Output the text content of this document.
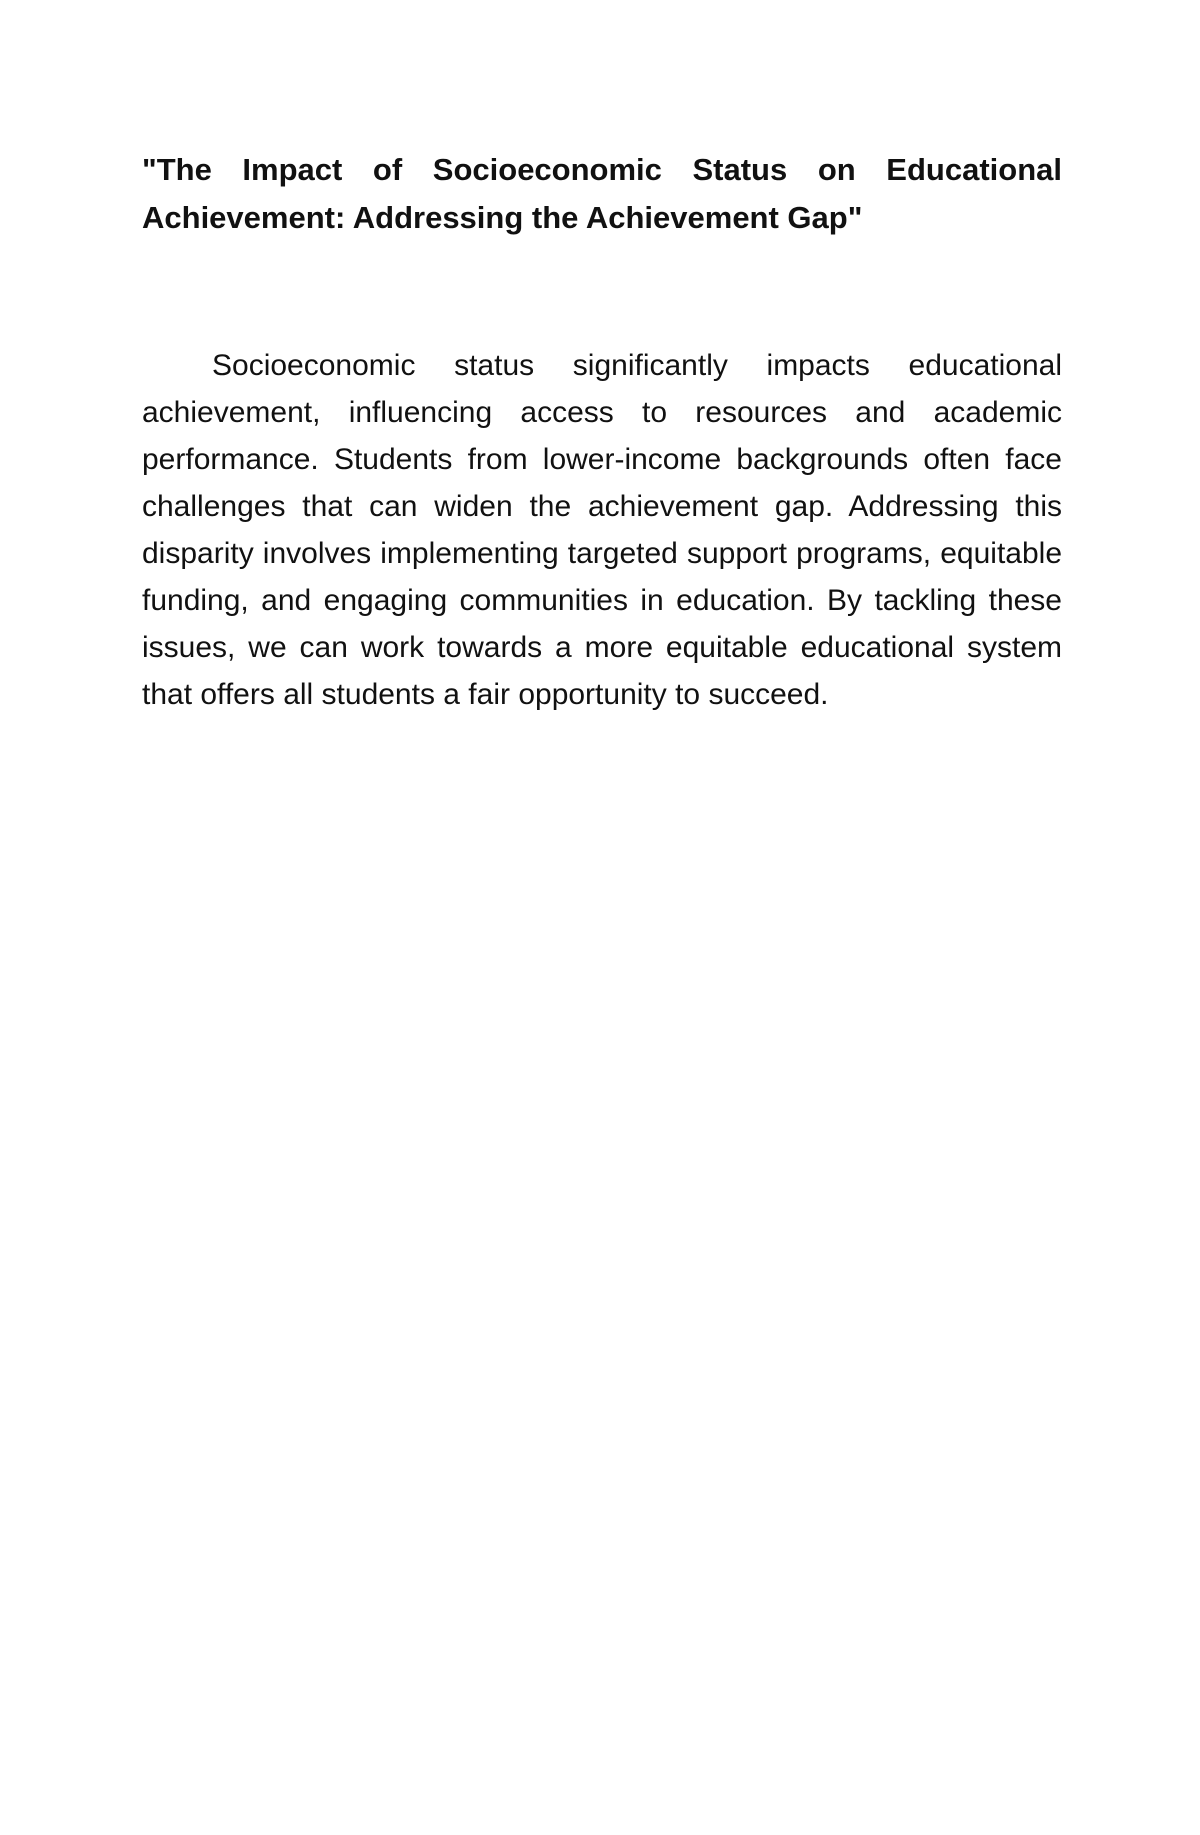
"The Impact of Socioeconomic Status on Educational Achievement: Addressing the Achievement Gap"

Socioeconomic status significantly impacts educational achievement, influencing access to resources and academic performance. Students from lower-income backgrounds often face challenges that can widen the achievement gap. Addressing this disparity involves implementing targeted support programs, equitable funding, and engaging communities in education. By tackling these issues, we can work towards a more equitable educational system that offers all students a fair opportunity to succeed.
